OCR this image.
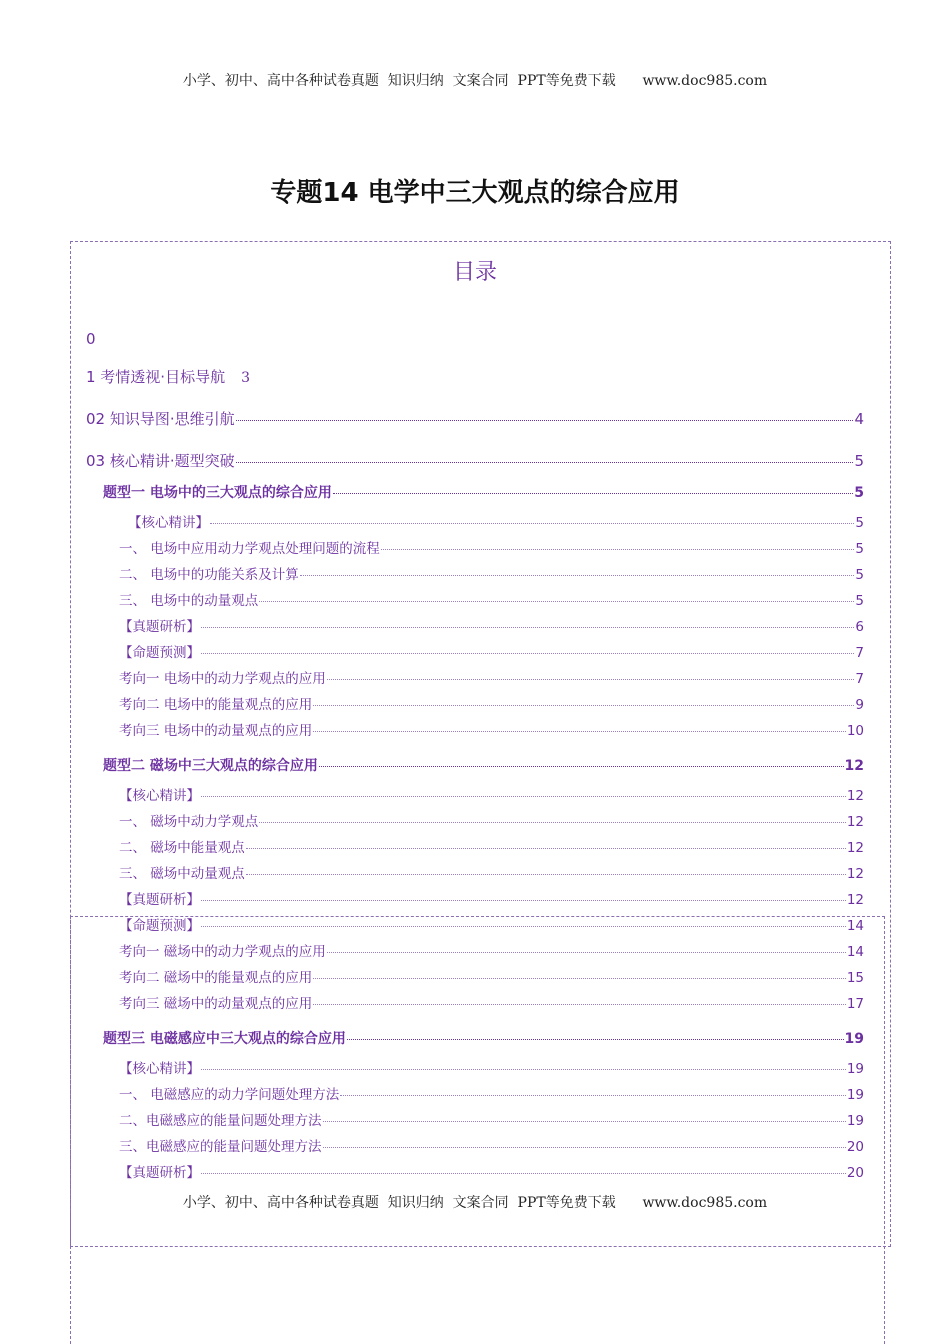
小学、初中、高中各种试卷真题  知识归纳  文案合同  PPT等免费下载      www.doc985.com
专题14 电学中三大观点的综合应用
目录
0
1 考情透视·目标导航 3
02 知识导图·思维引航	4
03 核心精讲·题型突破	5
题型一 电场中的三大观点的综合应用	5
【核心精讲】	5
一、 电场中应用动力学观点处理问题的流程	5
二、 电场中的功能关系及计算	5
三、 电场中的动量观点	5
【真题研析】	6
【命题预测】	7
考向一 电场中的动力学观点的应用	7
考向二 电场中的能量观点的应用	9
考向三 电场中的动量观点的应用	10
题型二 磁场中三大观点的综合应用	12
【核心精讲】	12
一、 磁场中动力学观点	12
二、 磁场中能量观点	12
三、 磁场中动量观点	12
【真题研析】	12
【命题预测】	14
考向一 磁场中的动力学观点的应用	14
考向二 磁场中的能量观点的应用	15
考向三 磁场中的动量观点的应用	17
题型三 电磁感应中三大观点的综合应用	19
【核心精讲】	19
一、 电磁感应的动力学问题处理方法	19
二、电磁感应的能量问题处理方法	19
三、电磁感应的能量问题处理方法	20
【真题研析】	20
小学、初中、高中各种试卷真题  知识归纳  文案合同  PPT等免费下载      www.doc985.com
